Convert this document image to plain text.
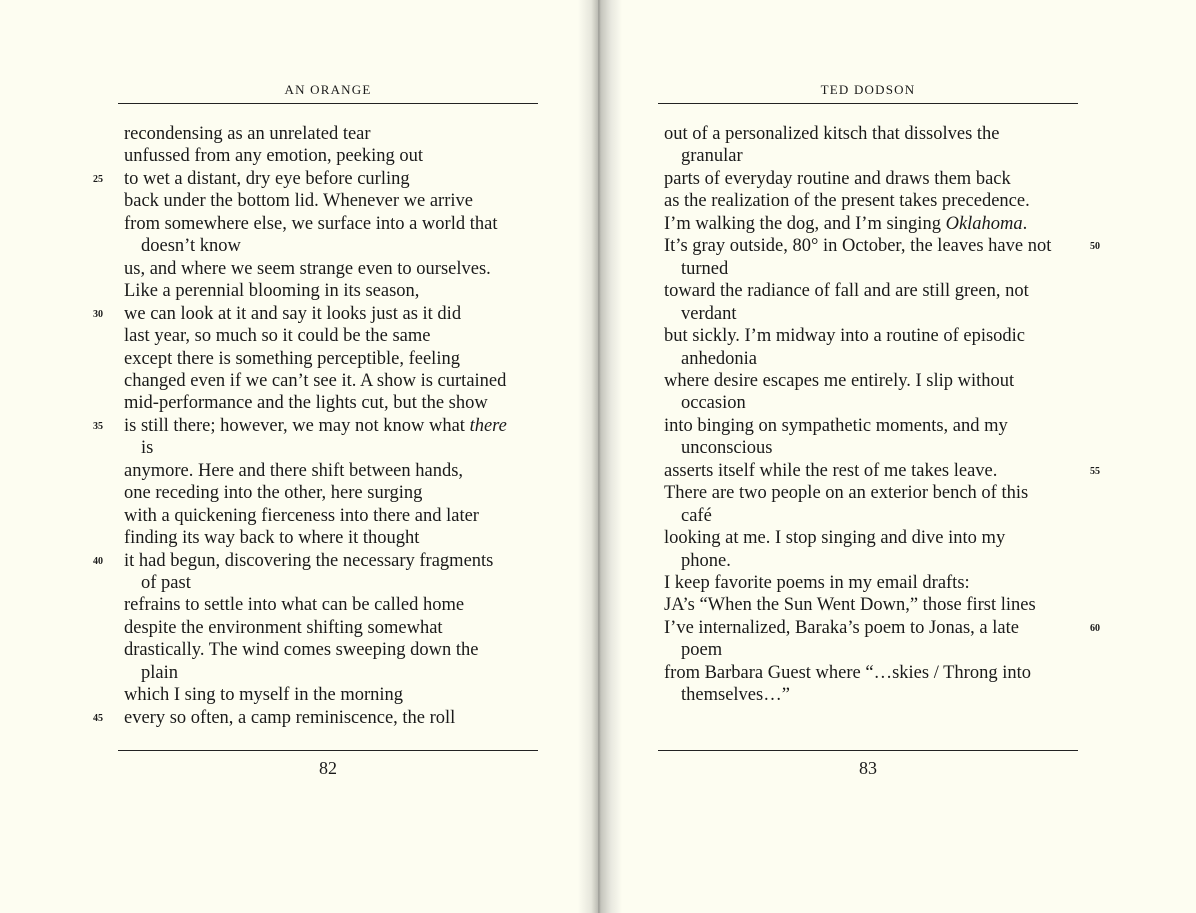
AN ORANGE
recondensing as an unrelated tear
unfussed from any emotion, peeking out
to wet a distant, dry eye before curling
25
back under the bottom lid. Whenever we arrive
from somewhere else, we surface into a world that
doesn’t know
us, and where we seem strange even to ourselves.
Like a perennial blooming in its season,
we can look at it and say it looks just as it did
30
last year, so much so it could be the same
except there is something perceptible, feeling
changed even if we can’t see it. A show is curtained
mid-performance and the lights cut, but the show
is still there; however, we may not know what there
35
is
anymore. Here and there shift between hands,
one receding into the other, here surging
with a quickening fierceness into there and later
finding its way back to where it thought
it had begun, discovering the necessary fragments
40
of past
refrains to settle into what can be called home
despite the environment shifting somewhat
drastically. The wind comes sweeping down the
plain
which I sing to myself in the morning
every so often, a camp reminiscence, the roll
45
82
TED DODSON
out of a personalized kitsch that dissolves the
granular
parts of everyday routine and draws them back
as the realization of the present takes precedence.
I’m walking the dog, and I’m singing Oklahoma.
It’s gray outside, 80° in October, the leaves have not	50
turned
toward the radiance of fall and are still green, not
verdant
but sickly. I’m midway into a routine of episodic
anhedonia
where desire escapes me entirely. I slip without
occasion
into binging on sympathetic moments, and my
unconscious
asserts itself while the rest of me takes leave.	55
There are two people on an exterior bench of this
café
looking at me. I stop singing and dive into my
phone.
I keep favorite poems in my email drafts:
JA’s “When the Sun Went Down,” those first lines
I’ve internalized, Baraka’s poem to Jonas, a late	60
poem
from Barbara Guest where “…skies / Throng into
themselves…”
83
